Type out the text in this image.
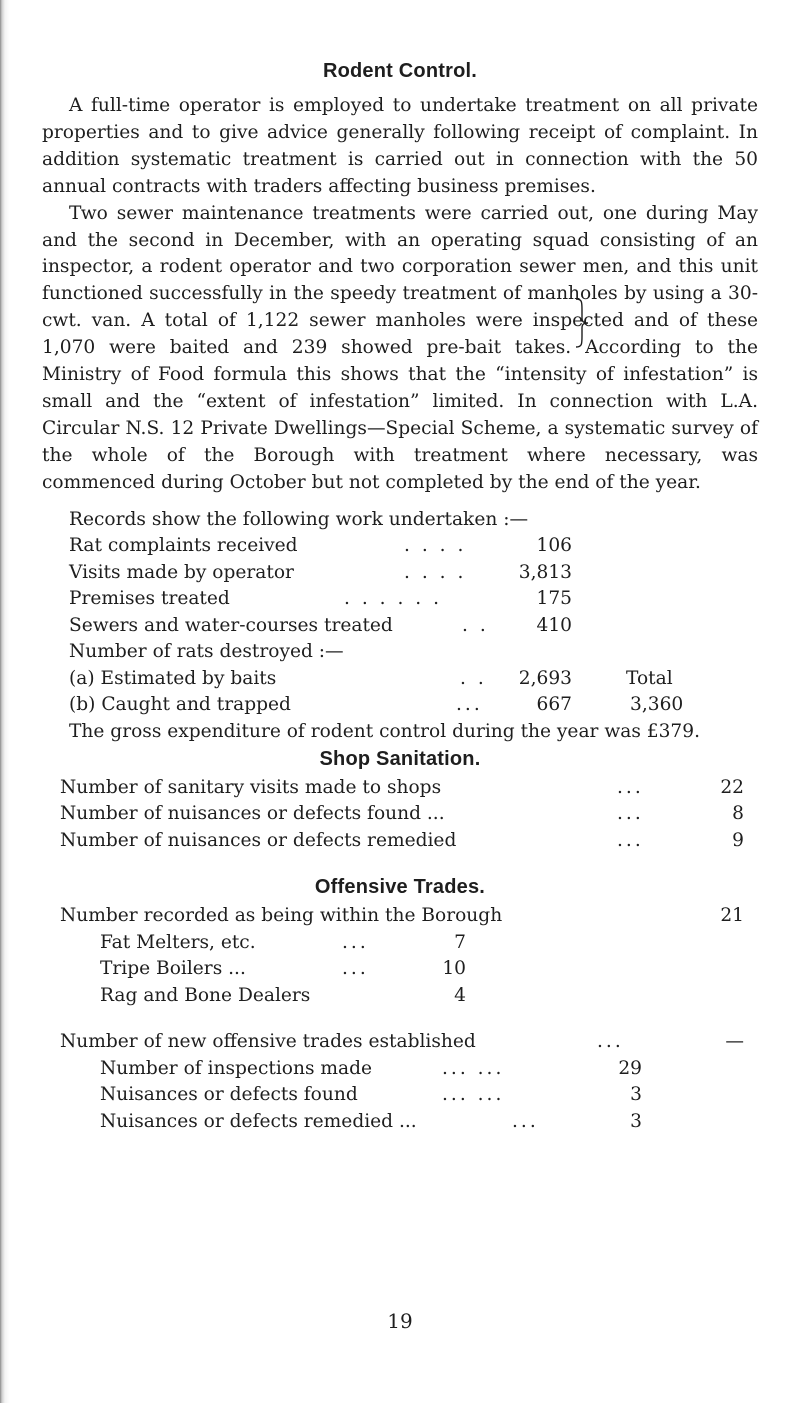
Rodent Control.

A full-time operator is employed to undertake treatment on all private properties and to give advice generally following receipt of complaint. In addition systematic treatment is carried out in connection with the 50 annual contracts with traders affecting business premises.

Two sewer maintenance treatments were carried out, one during May and the second in December, with an operating squad consisting of an inspector, a rodent operator and two corporation sewer men, and this unit functioned successfully in the speedy treatment of manholes by using a 30-cwt. van. A total of 1,122 sewer manholes were inspected and of these 1,070 were baited and 239 showed pre-bait takes. According to the Ministry of Food formula this shows that the “intensity of infestation” is small and the “extent of infestation” limited. In connection with L.A. Circular N.S. 12 Private Dwellings—Special Scheme, a systematic survey of the whole of the Borough with treatment where necessary, was commenced during October but not completed by the end of the year.

Records show the following work undertaken :—
Rat complaints received	. . . .	106
Visits made by operator	. . . .	3,813
Premises treated	. . . . . .	175
Sewers and water-courses treated	. .	410
Number of rats destroyed :—
(a) Estimated by baits	. .	2,693	Total
(b) Caught and trapped	...	667	3,360

The gross expenditure of rodent control during the year was £379.

Shop Sanitation.
Number of sanitary visits made to shops	...	22
Number of nuisances or defects found ...	...	8
Number of nuisances or defects remedied	...	9
Offensive Trades.
Number recorded as being within the Borough	21
Fat Melters, etc.	...	7
Tripe Boilers ...	...	10
Rag and Bone Dealers	4
Number of new offensive trades established	...	—
Number of inspections made	... ...	29
Nuisances or defects found	... ...	3
Nuisances or defects remedied ...	...	3
19
